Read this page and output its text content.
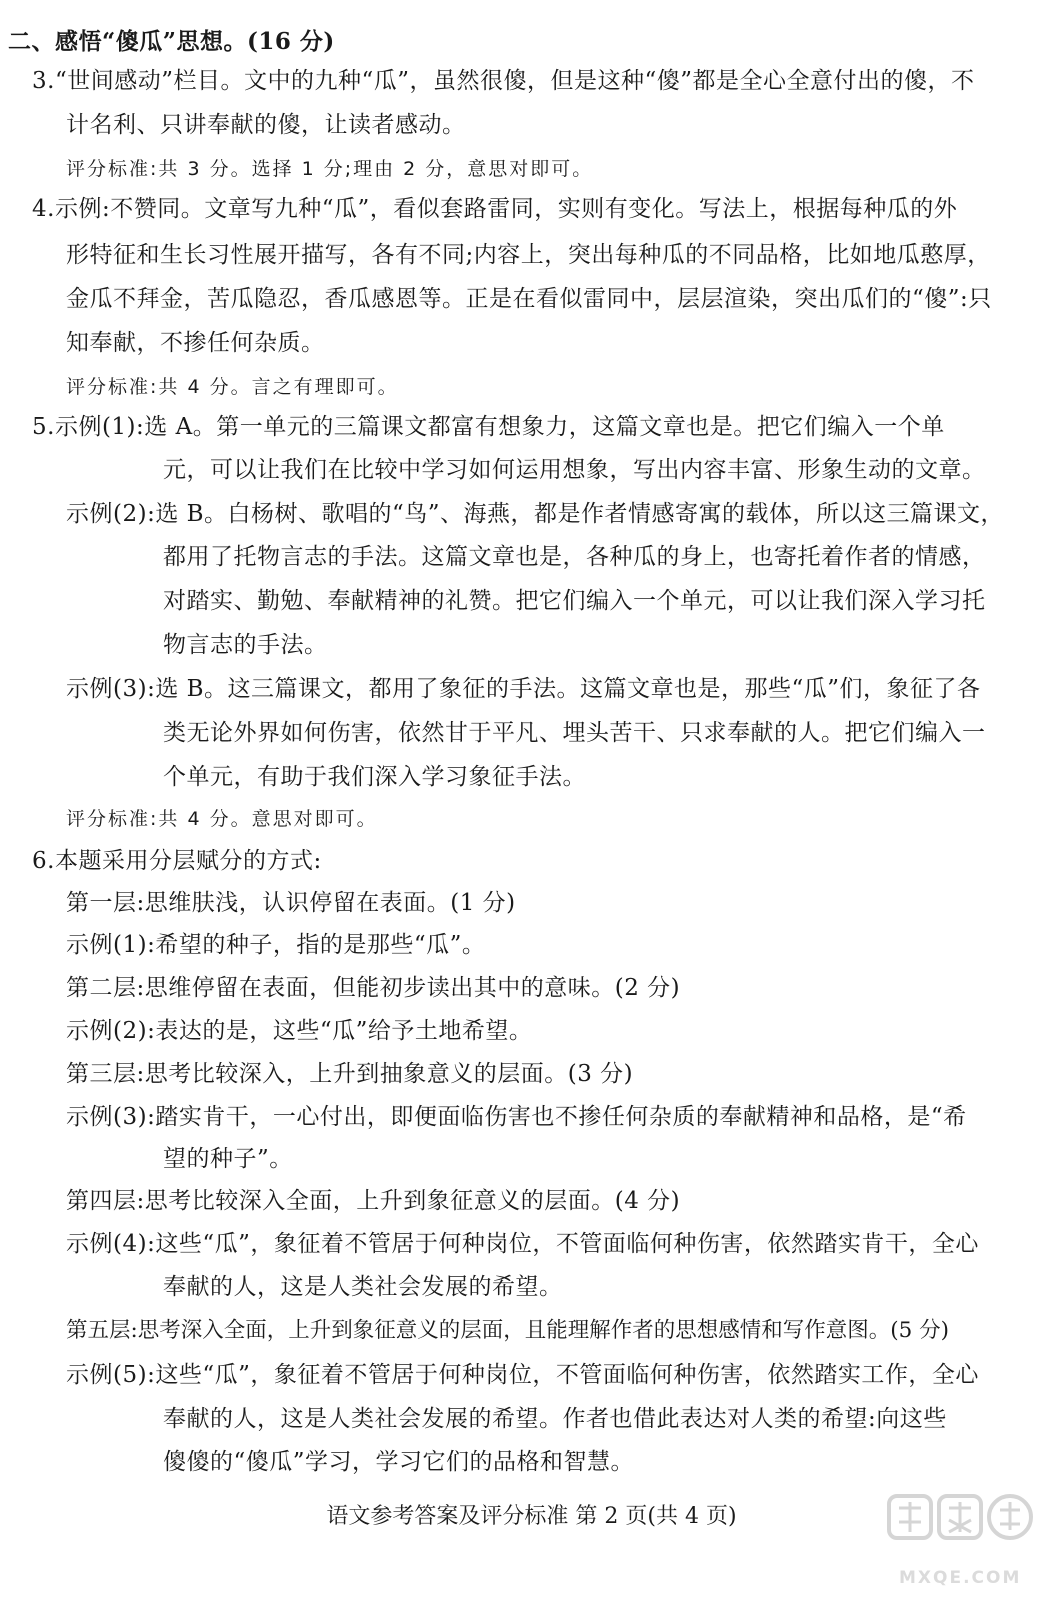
二、感悟“傻瓜”思想。(16 分)
3.“世间感动”栏目。文中的九种“瓜”，虽然很傻，但是这种“傻”都是全心全意付出的傻，不
计名利、只讲奉献的傻，让读者感动。
评分标准:共 3 分。选择 1 分;理由 2 分，意思对即可。
4.示例:不赞同。文章写九种“瓜”，看似套路雷同，实则有变化。写法上，根据每种瓜的外
形特征和生长习性展开描写，各有不同;内容上，突出每种瓜的不同品格，比如地瓜憨厚，
金瓜不拜金，苦瓜隐忍，香瓜感恩等。正是在看似雷同中，层层渲染，突出瓜们的“傻”:只
知奉献，不掺任何杂质。
评分标准:共 4 分。言之有理即可。
5.示例(1):选 A。第一单元的三篇课文都富有想象力，这篇文章也是。把它们编入一个单
元，可以让我们在比较中学习如何运用想象，写出内容丰富、形象生动的文章。
示例(2):选 B。白杨树、歌唱的“鸟”、海燕，都是作者情感寄寓的载体，所以这三篇课文，
都用了托物言志的手法。这篇文章也是，各种瓜的身上，也寄托着作者的情感，
对踏实、勤勉、奉献精神的礼赞。把它们编入一个单元，可以让我们深入学习托
物言志的手法。
示例(3):选 B。这三篇课文，都用了象征的手法。这篇文章也是，那些“瓜”们，象征了各
类无论外界如何伤害，依然甘于平凡、埋头苦干、只求奉献的人。把它们编入一
个单元，有助于我们深入学习象征手法。
评分标准:共 4 分。意思对即可。
6.本题采用分层赋分的方式:
第一层:思维肤浅，认识停留在表面。(1 分)
示例(1):希望的种子，指的是那些“瓜”。
第二层:思维停留在表面，但能初步读出其中的意味。(2 分)
示例(2):表达的是，这些“瓜”给予土地希望。
第三层:思考比较深入，上升到抽象意义的层面。(3 分)
示例(3):踏实肯干，一心付出，即便面临伤害也不掺任何杂质的奉献精神和品格，是“希
望的种子”。
第四层:思考比较深入全面，上升到象征意义的层面。(4 分)
示例(4):这些“瓜”，象征着不管居于何种岗位，不管面临何种伤害，依然踏实肯干，全心
奉献的人，这是人类社会发展的希望。
第五层:思考深入全面，上升到象征意义的层面，且能理解作者的思想感情和写作意图。(5 分)
示例(5):这些“瓜”，象征着不管居于何种岗位，不管面临何种伤害，依然踏实工作，全心
奉献的人，这是人类社会发展的希望。作者也借此表达对人类的希望:向这些
傻傻的“傻瓜”学习，学习它们的品格和智慧。
语文参考答案及评分标准 第 2 页(共 4 页)
MXQE.COM
